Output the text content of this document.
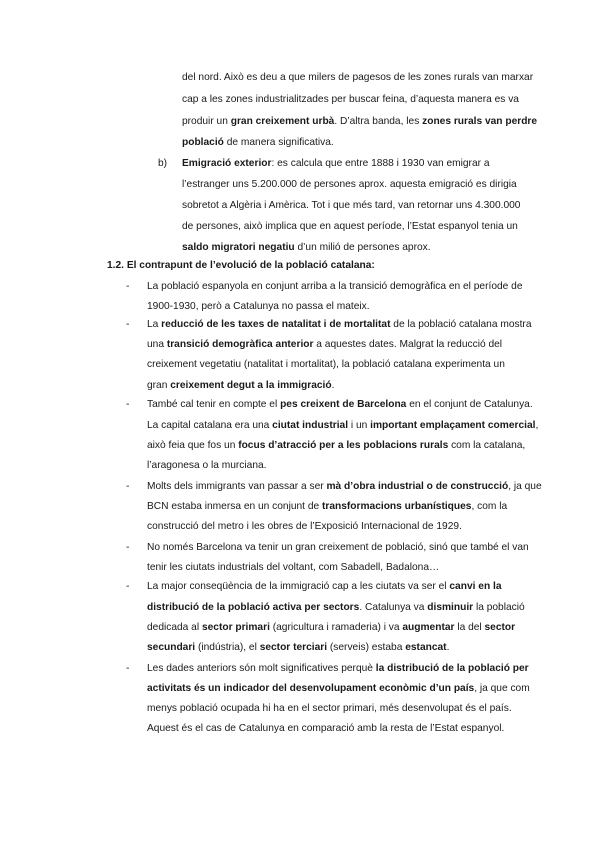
del nord. Això es deu a que milers de pagesos de les zones rurals van marxar
cap a les zones industrialitzades per buscar feina, d’aquesta manera es va
produir un gran creixement urbà. D’altra banda, les zones rurals van perdre
població de manera significativa.
b) Emigració exterior: es calcula que entre 1888 i 1930 van emigrar a
l’estranger uns 5.200.000 de persones aprox. aquesta emigració es dirigia
sobretot a Algèria i Amèrica. Tot i que més tard, van retornar uns 4.300.000
de persones, això implica que en aquest període, l’Estat espanyol tenia un
saldo migratori negatiu d’un milió de persones aprox.
1.2. El contrapunt de l’evolució de la població catalana:
- La població espanyola en conjunt arriba a la transició demogràfica en el període de
1900-1930, però a Catalunya no passa el mateix.
- La reducció de les taxes de natalitat i de mortalitat de la població catalana mostra
una transició demogràfica anterior a aquestes dates. Malgrat la reducció del
creixement vegetatiu (natalitat i mortalitat), la població catalana experimenta un
gran creixement degut a la immigració.
- També cal tenir en compte el pes creixent de Barcelona en el conjunt de Catalunya.
La capital catalana era una ciutat industrial i un important emplaçament comercial,
això feia que fos un focus d’atracció per a les poblacions rurals com la catalana,
l’aragonesa o la murciana.
- Molts dels immigrants van passar a ser mà d’obra industrial o de construcció, ja que
BCN estaba inmersa en un conjunt de transformacions urbanístiques, com la
construcció del metro i les obres de l’Exposició Internacional de 1929.
- No només Barcelona va tenir un gran creixement de població, sinó que també el van
tenir les ciutats industrials del voltant, com Sabadell, Badalona…
- La major conseqüència de la immigració cap a les ciutats va ser el canvi en la
distribució de la població activa per sectors. Catalunya va disminuir la població
dedicada al sector primari (agricultura i ramaderia) i va augmentar la del sector
secundari (indústria), el sector terciari (serveis) estaba estancat.
- Les dades anteriors són molt significatives perquè la distribució de la població per
activitats és un indicador del desenvolupament econòmic d’un país, ja que com
menys població ocupada hi ha en el sector primari, més desenvolupat és el país.
Aquest és el cas de Catalunya en comparació amb la resta de l’Estat espanyol.
